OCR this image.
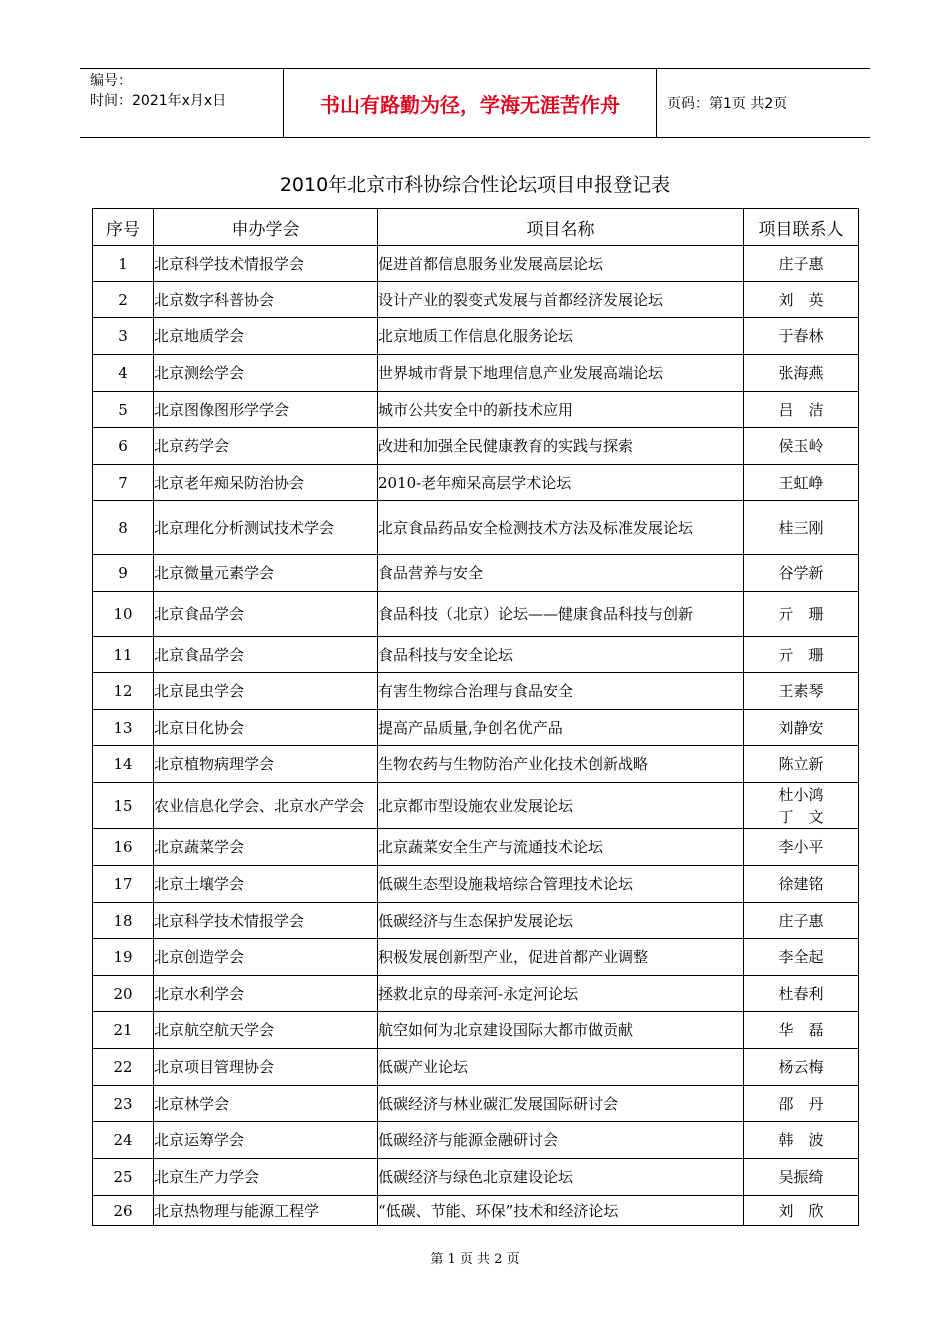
编号：
时间：2021年x月x日	书山有路勤为径，学海无涯苦作舟	页码：第1页 共2页
2010年北京市科协综合性论坛项目申报登记表
序号	申办学会	项目名称	项目联系人
1	北京科学技术情报学会	促进首都信息服务业发展高层论坛	庄子惠
2	北京数字科普协会	设计产业的裂变式发展与首都经济发展论坛	刘　英
3	北京地质学会	北京地质工作信息化服务论坛	于春林
4	北京测绘学会	世界城市背景下地理信息产业发展高端论坛	张海燕
5	北京图像图形学学会	城市公共安全中的新技术应用	吕　洁
6	北京药学会	改进和加强全民健康教育的实践与探索	侯玉岭
7	北京老年痴呆防治协会	2010-老年痴呆高层学术论坛	王虹峥
8	北京理化分析测试技术学会	北京食品药品安全检测技术方法及标准发展论坛	桂三刚
9	北京微量元素学会	食品营养与安全	谷学新
10	北京食品学会	食品科技（北京）论坛——健康食品科技与创新	亓　珊
11	北京食品学会	食品科技与安全论坛	亓　珊
12	北京昆虫学会	有害生物综合治理与食品安全	王素琴
13	北京日化协会	提高产品质量,争创名优产品	刘静安
14	北京植物病理学会	生物农药与生物防治产业化技术创新战略	陈立新
15	农业信息化学会、北京水产学会	北京都市型设施农业发展论坛	杜小鸿
丁　文
16	北京蔬菜学会	北京蔬菜安全生产与流通技术论坛	李小平
17	北京土壤学会	低碳生态型设施栽培综合管理技术论坛	徐建铭
18	北京科学技术情报学会	低碳经济与生态保护发展论坛	庄子惠
19	北京创造学会	积极发展创新型产业，促进首都产业调整	李全起
20	北京水利学会	拯救北京的母亲河-永定河论坛	杜春利
21	北京航空航天学会	航空如何为北京建设国际大都市做贡献	华　磊
22	北京项目管理协会	低碳产业论坛	杨云梅
23	北京林学会	低碳经济与林业碳汇发展国际研讨会	邵　丹
24	北京运筹学会	低碳经济与能源金融研讨会	韩　波
25	北京生产力学会	低碳经济与绿色北京建设论坛	吴振绮
26	北京热物理与能源工程学	“低碳、节能、环保”技术和经济论坛	刘　欣
第 1 页 共 2 页
